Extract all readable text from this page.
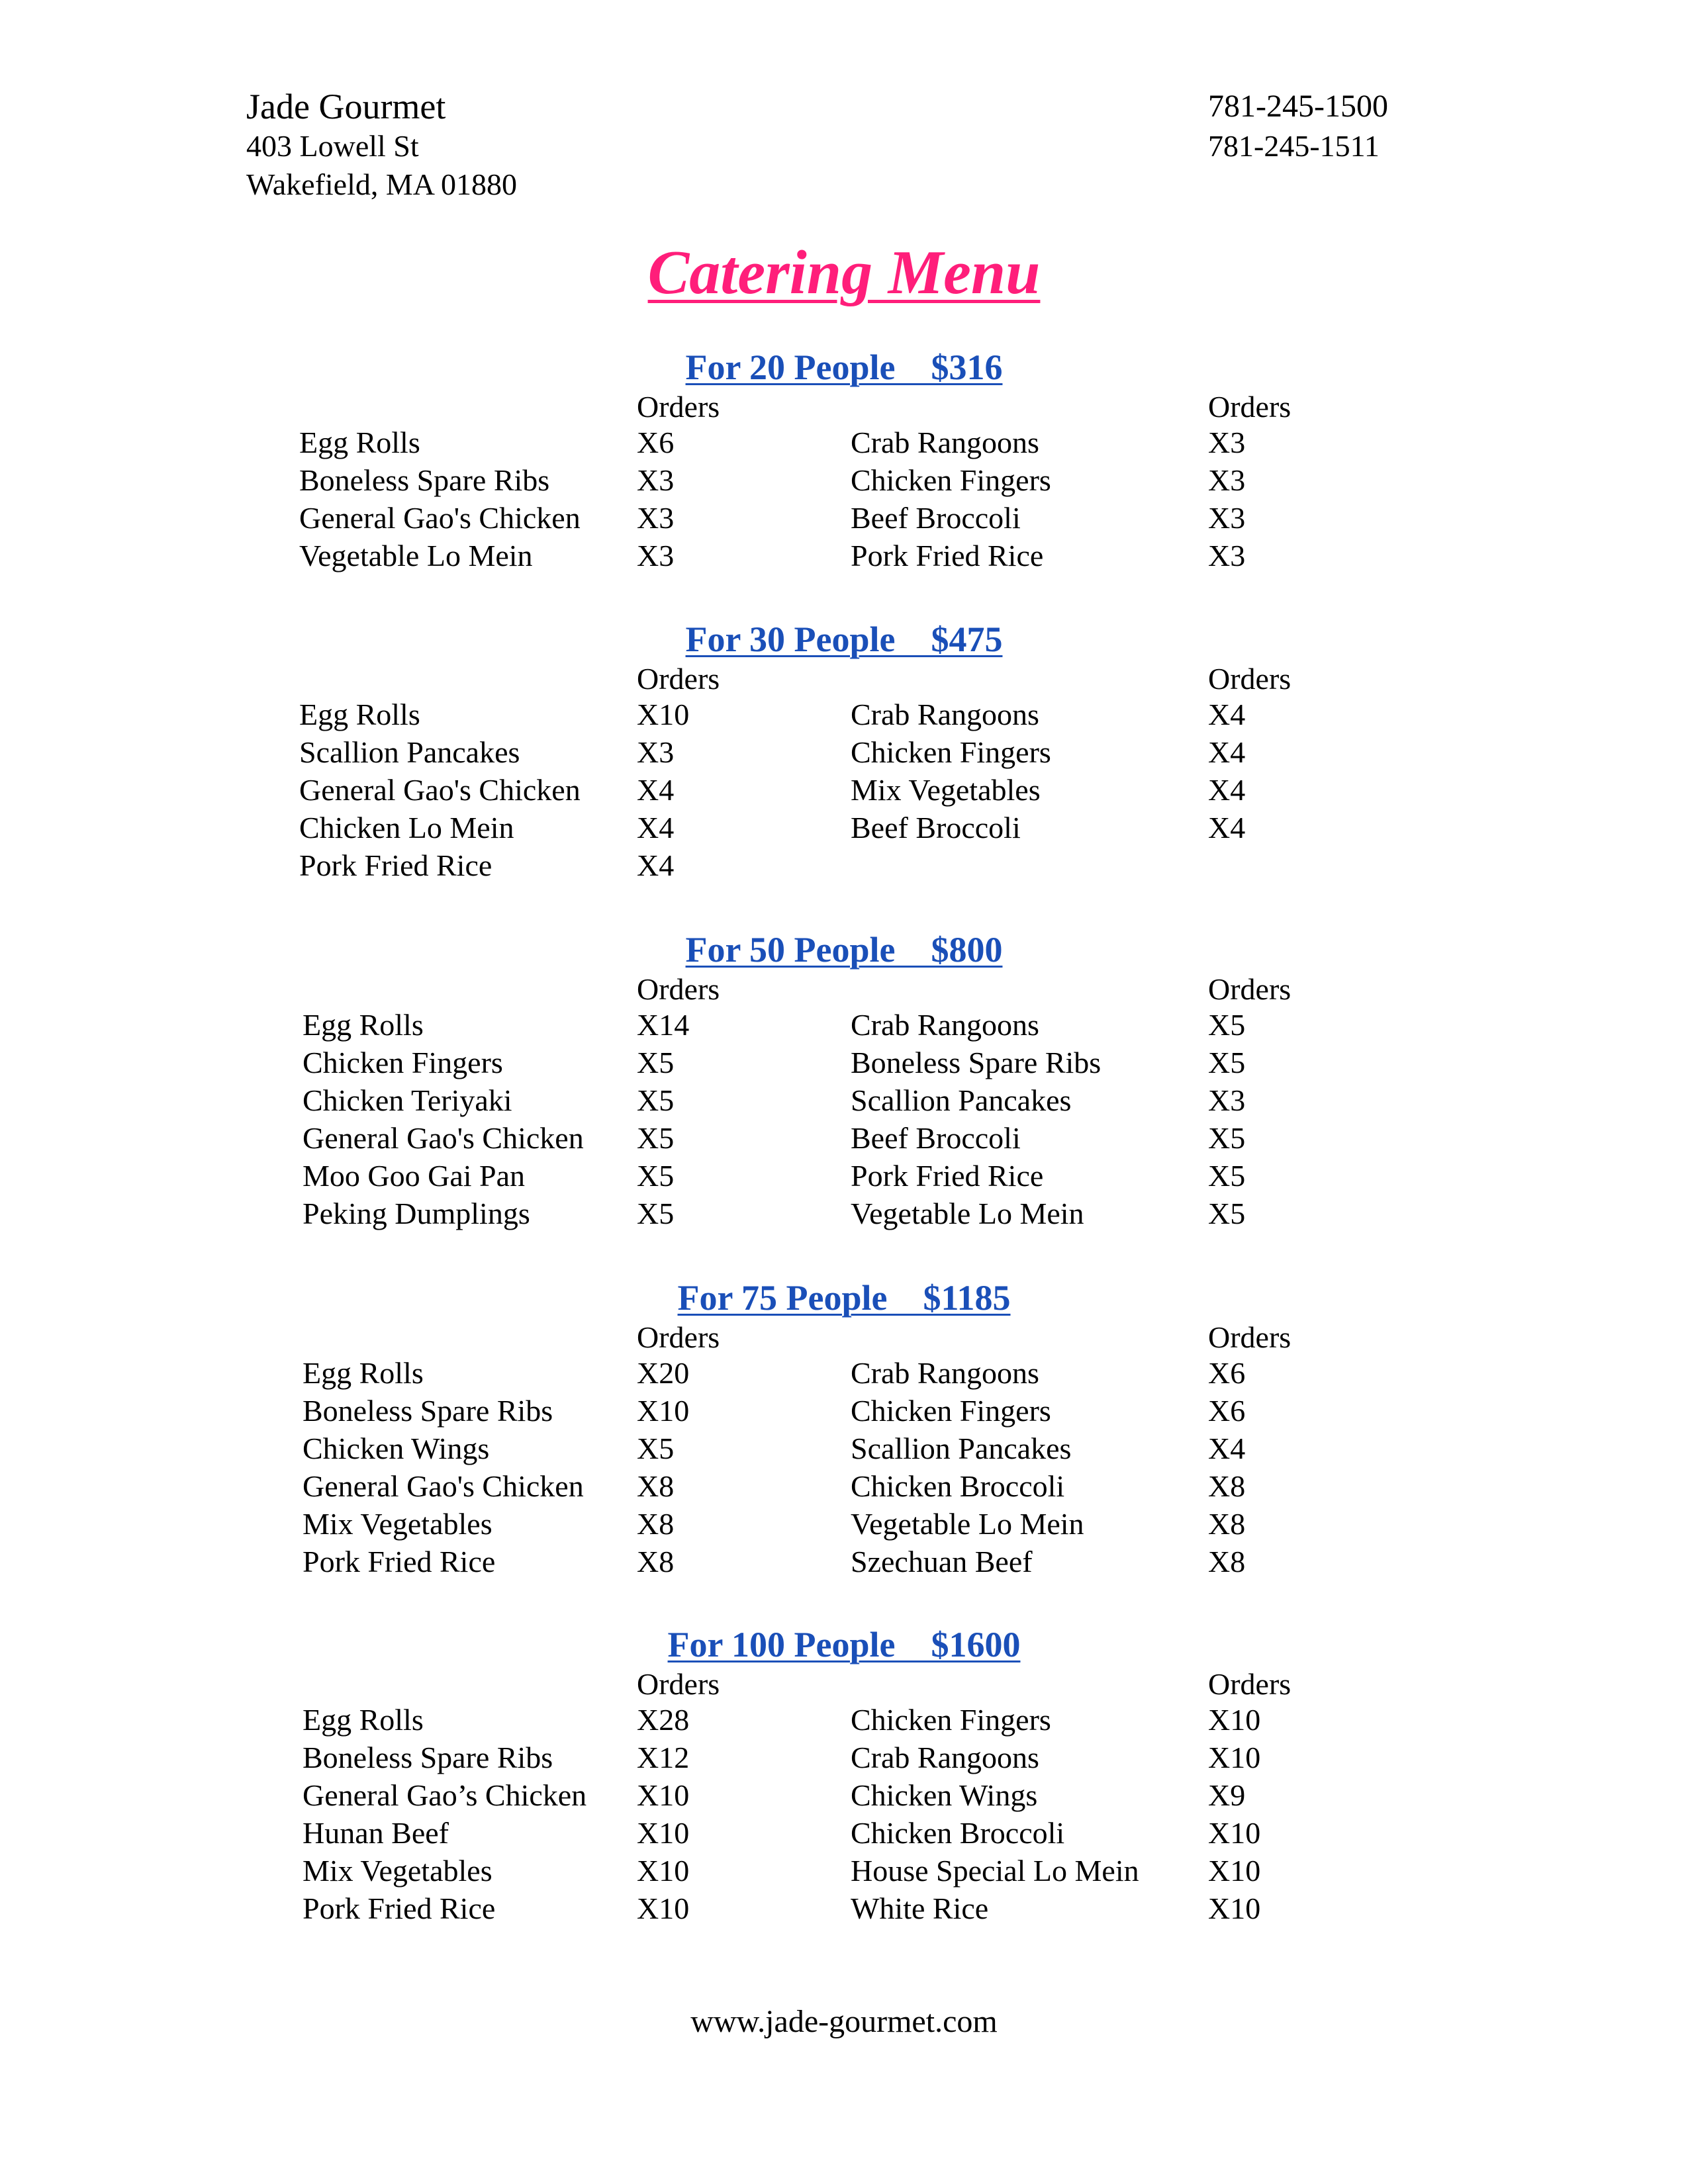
Jade Gourmet
403 Lowell St
Wakefield, MA 01880
781-245-1500
781-245-1511
Catering Menu
For 20 People    $316
Orders	Orders
Egg Rolls	X6	Crab Rangoons	X3
Boneless Spare Ribs	X3	Chicken Fingers	X3
General Gao's Chicken X3	Beef Broccoli	X3
Vegetable Lo Mein	X3	Pork Fried Rice	X3
For 30 People    $475
Orders	Orders
Egg Rolls	X10	Crab Rangoons	X4
Scallion Pancakes	X3	Chicken Fingers	X4
General Gao's Chicken X4	Mix Vegetables	X4
Chicken Lo Mein	X4	Beef Broccoli	X4
Pork Fried Rice	X4
For 50 People    $800
Orders	Orders
Egg Rolls	X14	Crab Rangoons	X5
Chicken Fingers	X5	Boneless Spare Ribs	X5
Chicken Teriyaki	X5	Scallion Pancakes	X3
General Gao's Chicken X5	Beef Broccoli	X5
Moo Goo Gai Pan	X5	Pork Fried Rice	X5
Peking Dumplings	X5	Vegetable Lo Mein	X5
For 75 People    $1185
Orders	Orders
Egg Rolls	X20	Crab Rangoons	X6
Boneless Spare Ribs	X10	Chicken Fingers	X6
Chicken Wings	X5	Scallion Pancakes	X4
General Gao's Chicken X8	Chicken Broccoli	X8
Mix Vegetables	X8	Vegetable Lo Mein	X8
Pork Fried Rice	X8	Szechuan Beef	X8
For 100 People    $1600
Orders	Orders
Egg Rolls	X28	Chicken Fingers	X10
Boneless Spare Ribs	X12	Crab Rangoons	X10
General Gao’s Chicken X10	Chicken Wings	X9
Hunan Beef	X10	Chicken Broccoli	X10
Mix Vegetables	X10	House Special Lo Mein X10
Pork Fried Rice	X10	White Rice	X10
www.jade-gourmet.com
